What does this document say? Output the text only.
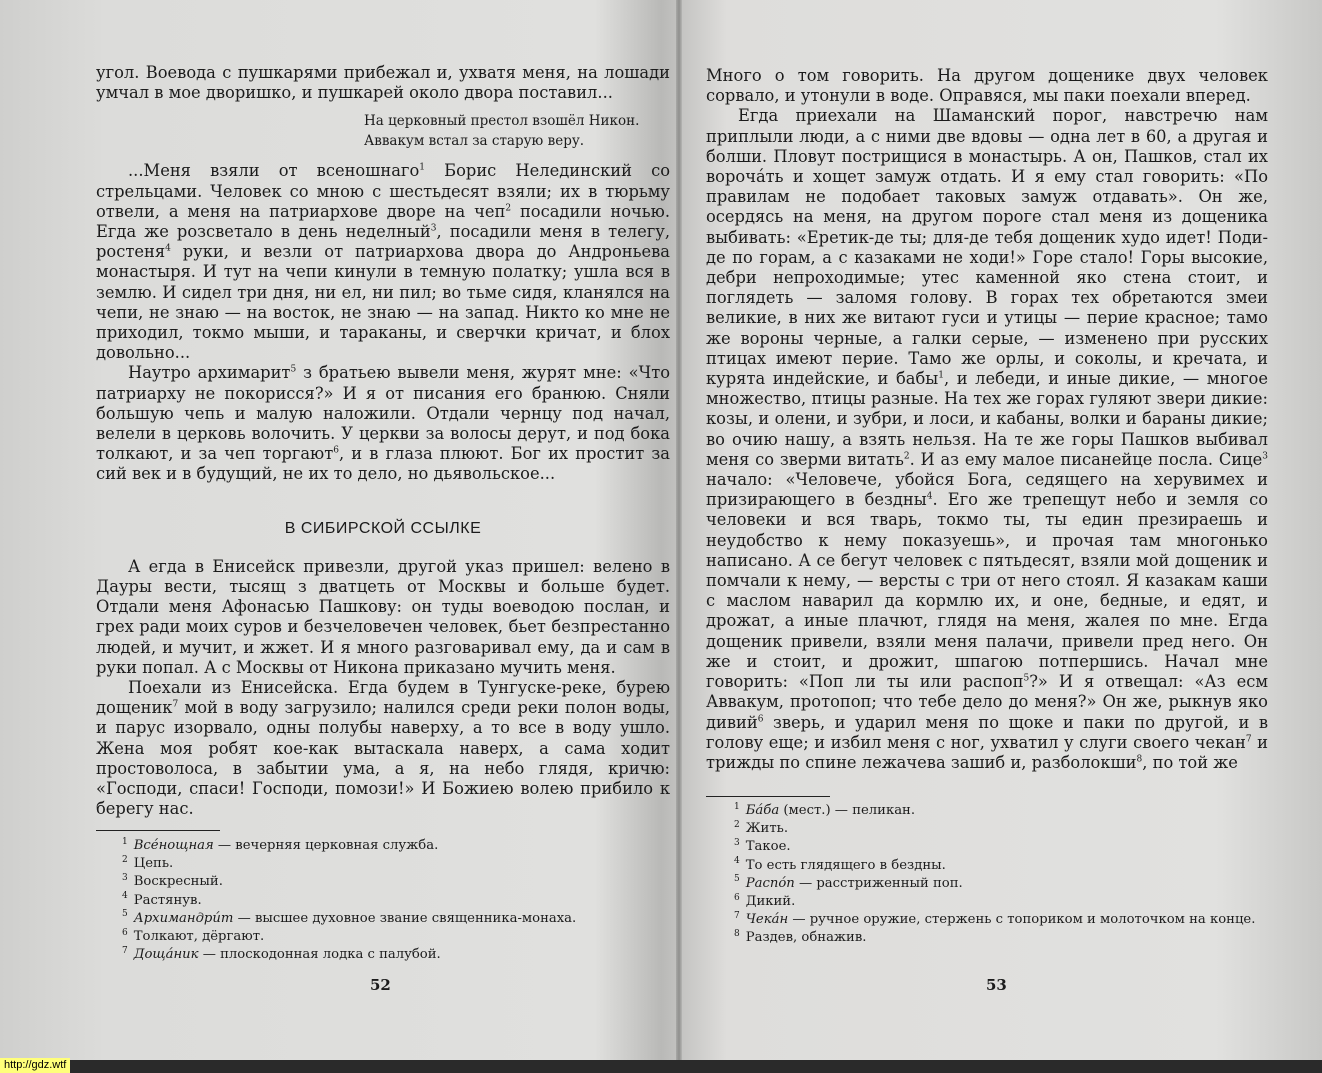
угол. Воевода с пушкарями прибежал и, ухватя меня, на лошади умчал в мое дворишко, и пушкарей около двора поставил...

На церковный престол взошёл Никон.
Аввакум встал за старую веру.

...Меня взяли от всеношнаго$^1$ Борис Нелединский со стрельцами. Человек со мною с шестьдесят взяли; их в тюрьму отвели, а меня на патриархове дворе на чеп$^2$ посадили ночью. Егда же розсветало в день неделный$^3$, посадили меня в телегу, ростеня$^4$ руки, и везли от патриархова двора до Андроньева монастыря. И тут на чепи кинули в темную полатку; ушла вся в землю. И сидел три дня, ни ел, ни пил; во тьме сидя, кланялся на чепи, не знаю — на восток, не знаю — на запад. Никто ко мне не приходил, токмо мыши, и тараканы, и сверчки кричат, и блох довольно...

Наутро архимарит$^5$ з братьею вывели меня, журят мне: «Что патриарху не покорисся?» И я от писания его бранюю. Сняли большую чепь и малую наложили. Отдали чернцу под начал, велели в церковь волочить. У церкви за волосы дерут, и под бока толкают, и за чеп торгают$^6$, и в глаза плюют. Бог их простит за сий век и в будущий, не их то дело, но дьявольское...

В СИБИРСКОЙ ССЫЛКЕ

А егда в Енисейск привезли, другой указ пришел: велено в Дауры вести, тысящ з дватцеть от Москвы и больше будет. Отдали меня Афонасью Пашкову: он туды воеводою послан, и грех ради моих суров и безчеловечен человек, бьет безпрестанно людей, и мучит, и жжет. И я много разговаривал ему, да и сам в руки попал. А с Москвы от Никона приказано мучить меня.

Поехали из Енисейска. Егда будем в Тунгуске-реке, бурею дощеник$^7$ мой в воду загрузило; налился среди реки полон воды, и парус изорвало, одны полубы наверху, а то все в воду ушло. Жена моя робят кое-как вытаскала наверх, а сама ходит простоволоса, в забытии ума, а я, на небо глядя, кричю: «Господи, спаси! Господи, помози!» И Божиею волею прибило к берегу нас.

$^1$ Всéнощная — вечерняя церковная служба.
$^2$ Цепь.
$^3$ Воскресный.
$^4$ Растянув.
$^5$ Архимандрúт — высшее духовное звание священника-монаха.
$^6$ Толкают, дёргают.
$^7$ Дощáник — плоскодонная лодка с палубой.
52

Много о том говорить. На другом дощенике двух человек сорвало, и утонули в воде. Оправяся, мы паки поехали вперед.

Егда приехали на Шаманский порог, навстречю нам приплыли люди, а с ними две вдовы — одна лет в 60, а другая и болши. Пловут пострищися в монастырь. А он, Пашков, стал их ворочáть и хощет замуж отдать. И я ему стал говорить: «По правилам не подобает таковых замуж отдавать». Он же, осердясь на меня, на другом пороге стал меня из дощеника выбивать: «Еретик-де ты; для-де тебя дощеник худо идет! Поди-де по горам, а с казаками не ходи!» Горе стало! Горы высокие, дебри непроходимые; утес каменной яко стена стоит, и поглядеть — заломя голову. В горах тех обретаются змеи великие, в них же витают гуси и утицы — перие красное; тамо же вороны черные, а галки серые, — изменено при русских птицах имеют перие. Тамо же орлы, и соколы, и кречата, и курята индейские, и бабы$^1$, и лебеди, и иные дикие, — многое множество, птицы разные. На тех же горах гуляют звери дикие: козы, и олени, и зубри, и лоси, и кабаны, волки и бараны дикие; во очию нашу, а взять нельзя. На те же горы Пашков выбивал меня со зверми витать$^2$. И аз ему малое писанейце посла. Сице$^3$ начало: «Человече, убойся Бога, седящего на херувимех и призирающего в бездны$^4$. Его же трепещут небо и земля со человеки и вся тварь, токмо ты, ты един презираешь и неудобство к нему показуешь», и прочая там многонько написано. А се бегут человек с пятьдесят, взяли мой дощеник и помчали к нему, — версты с три от него стоял. Я казакам каши с маслом наварил да кормлю их, и оне, бедные, и едят, и дрожат, а иные плачют, глядя на меня, жалея по мне. Егда дощеник привели, взяли меня палачи, привели пред него. Он же и стоит, и дрожит, шпагою потпершись. Начал мне говорить: «Поп ли ты или распоп$^5$?» И я отвещал: «Аз есм Аввакум, протопоп; что тебе дело до меня?» Он же, рыкнув яко дивий$^6$ зверь, и ударил меня по щоке и паки по другой, и в голову еще; и избил меня с ног, ухватил у слуги своего чекан$^7$ и трижды по спине лежачева зашиб и, разболокши$^8$, по той же

$^1$ Бáба (мест.) — пеликан.
$^2$ Жить.
$^3$ Такое.
$^4$ То есть глядящего в бездны.
$^5$ Распóп — расстриженный поп.
$^6$ Дикий.
$^7$ Чекáн — ручное оружие, стержень с топориком и молоточком на конце.
$^8$ Раздев, обнажив.
53
http://gdz.wtf
